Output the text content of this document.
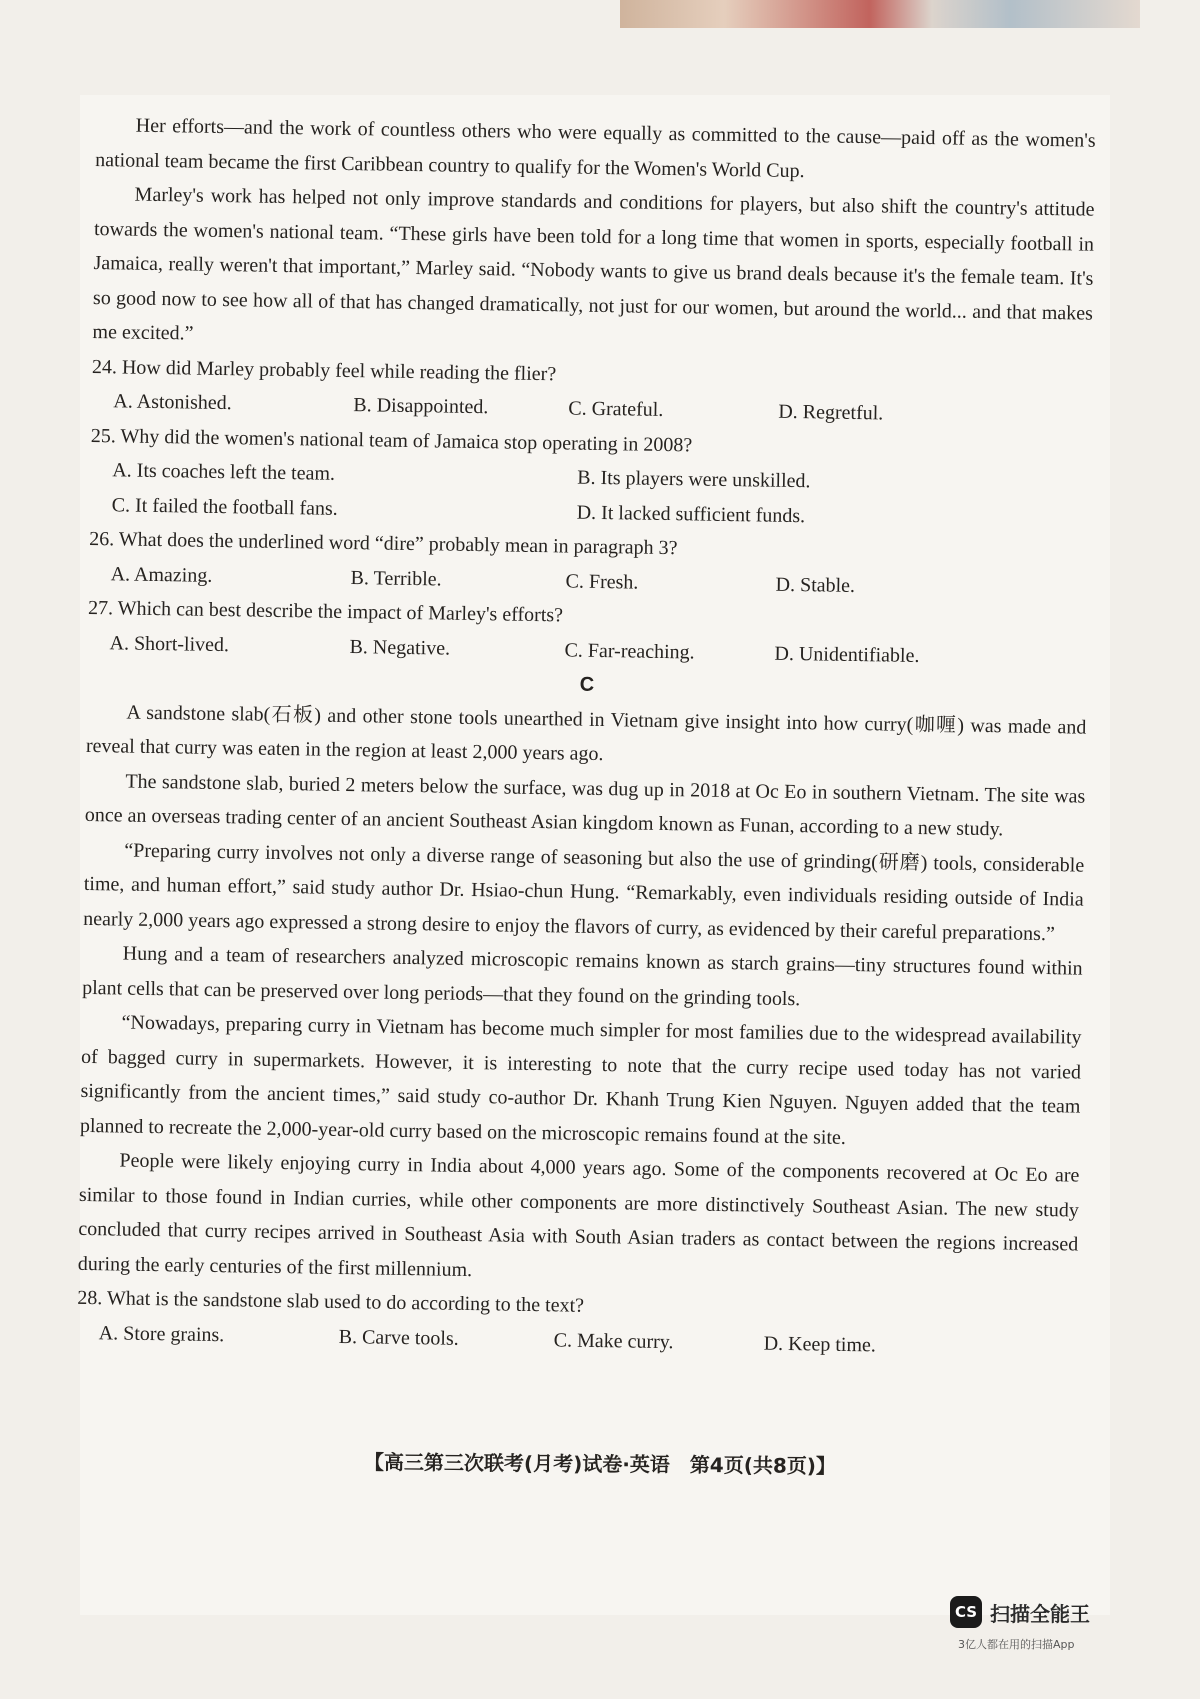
Her efforts—and the work of countless others who were equally as committed to the cause—paid off as the women's national team became the first Caribbean country to qualify for the Women's World Cup.

Marley's work has helped not only improve standards and conditions for players, but also shift the country's attitude towards the women's national team. “These girls have been told for a long time that women in sports, especially football in Jamaica, really weren't that important,” Marley said. “Nobody wants to give us brand deals because it's the female team. It's so good now to see how all of that has changed dramatically, not just for our women, but around the world... and that makes me excited.”

24. How did Marley probably feel while reading the flier?

A. Astonished.	B. Disappointed.	C. Grateful.	D. Regretful.

25. Why did the women's national team of Jamaica stop operating in 2008?

A. Its coaches left the team.	B. Its players were unskilled.
C. It failed the football fans.	D. It lacked sufficient funds.

26. What does the underlined word “dire” probably mean in paragraph 3?

A. Amazing.	B. Terrible.	C. Fresh.	D. Stable.

27. Which can best describe the impact of Marley's efforts?

A. Short-lived.	B. Negative.	C. Far-reaching.	D. Unidentifiable.

C

A sandstone slab(石板) and other stone tools unearthed in Vietnam give insight into how curry(咖喱) was made and reveal that curry was eaten in the region at least 2,000 years ago.

The sandstone slab, buried 2 meters below the surface, was dug up in 2018 at Oc Eo in southern Vietnam. The site was once an overseas trading center of an ancient Southeast Asian kingdom known as Funan, according to a new study.

“Preparing curry involves not only a diverse range of seasoning but also the use of grinding(研磨) tools, considerable time, and human effort,” said study author Dr. Hsiao-chun Hung. “Remarkably, even individuals residing outside of India nearly 2,000 years ago expressed a strong desire to enjoy the flavors of curry, as evidenced by their careful preparations.”

Hung and a team of researchers analyzed microscopic remains known as starch grains—tiny structures found within plant cells that can be preserved over long periods—that they found on the grinding tools.

“Nowadays, preparing curry in Vietnam has become much simpler for most families due to the widespread availability of bagged curry in supermarkets. However, it is interesting to note that the curry recipe used today has not varied significantly from the ancient times,” said study co-author Dr. Khanh Trung Kien Nguyen. Nguyen added that the team planned to recreate the 2,000-year-old curry based on the microscopic remains found at the site.

People were likely enjoying curry in India about 4,000 years ago. Some of the components recovered at Oc Eo are similar to those found in Indian curries, while other components are more distinctively Southeast Asian. The new study concluded that curry recipes arrived in Southeast Asia with South Asian traders as contact between the regions increased during the early centuries of the first millennium.

28. What is the sandstone slab used to do according to the text?

A. Store grains.	B. Carve tools.	C. Make curry.	D. Keep time.
【高三第三次联考(月考)试卷·英语　第4页(共8页)】
CS 扫描全能王
3亿人都在用的扫描App
